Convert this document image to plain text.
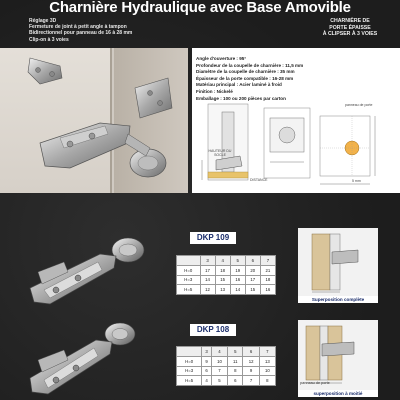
Charnière Hydraulique avec Base Amovible
Réglage 3D
Fermeture de joint à petit angle à tampon
Bidirectionnel pour panneau de 16 à 28 mm
Clip-on à 3 voies
CHARNIÈRE DE
PORTE ÉPAISSE
À CLIPSER À 3 VOIES
Angle d'ouverture : 95°
Profondeur de la coupelle de charnière : 11,5 mm
Diamètre de la coupelle de charnière : 35 mm
Épaisseur de la porte compatible : 16-28 mm
Matériau principal : Acier laminé à froid
Finition : Nickelé
Emballage : 100 ou 200 pièces par carton
HAUTEUR DU SOCLE
DISTANCE
panneau de porte
5 mm
DKP 109
	3	4	5	6	7
H=0	17	18	19	20	21
H=3	14	15	16	17	18
H=5	12	13	14	15	16
Superposition complète
DKP 108
	3	4	5	6	7
H=0	9	10	11	12	13
H=3	6	7	8	9	10
H=5	4	5	6	7	8	panneau de porte
superposition à moitié
